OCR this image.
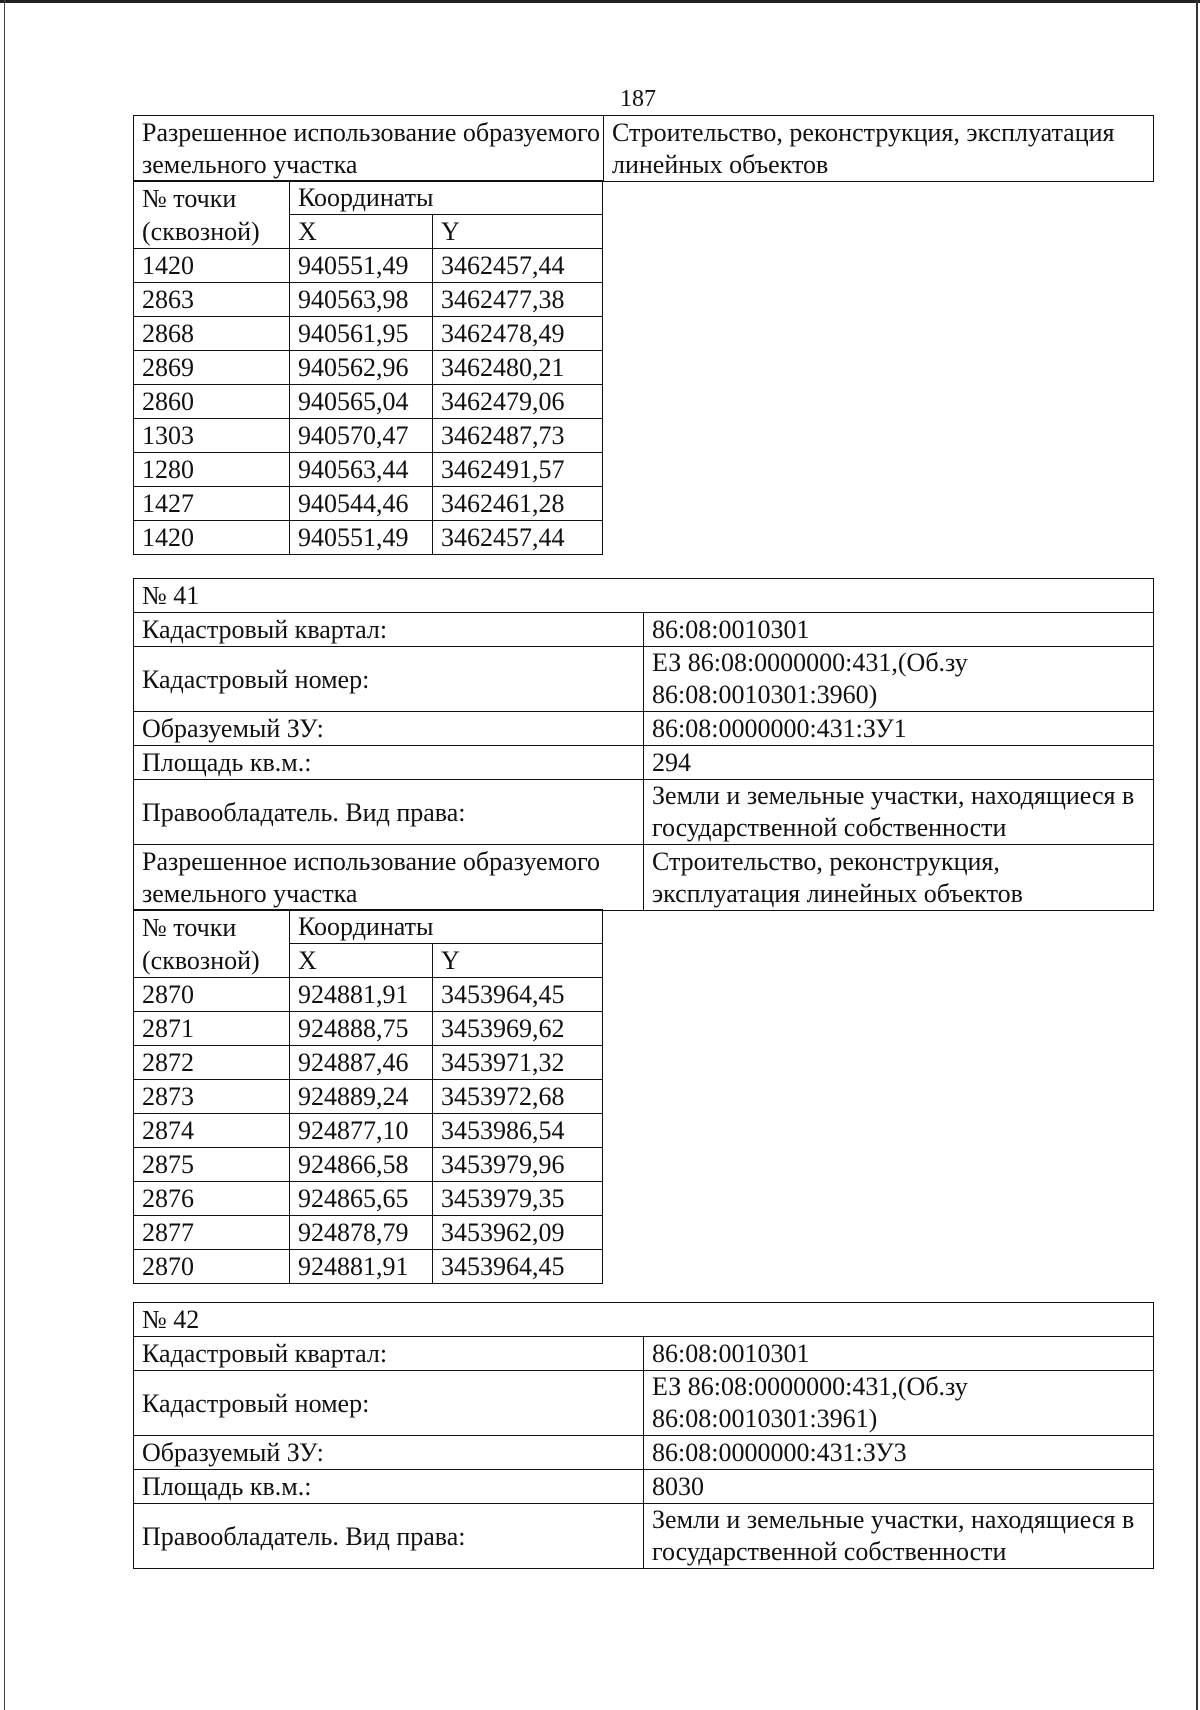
187
Разрешенное использование образуемого земельного участка	Строительство, реконструкция, эксплуатация линейных объектов
№ точки	Координаты	
(сквозной)	X	Y
1420	940551,49	3462457,44
2863	940563,98	3462477,38
2868	940561,95	3462478,49
2869	940562,96	3462480,21
2860	940565,04	3462479,06
1303	940570,47	3462487,73
1280	940563,44	3462491,57
1427	940544,46	3462461,28
1420	940551,49	3462457,44
№ 41	
Кадастровый квартал:	86:08:0010301
Кадастровый номер:	ЕЗ 86:08:0000000:431,(Об.зу 86:08:0010301:3960)
Образуемый ЗУ:	86:08:0000000:431:ЗУ1
Площадь кв.м.:	294
Правообладатель. Вид права:	Земли и земельные участки, находящиеся в государственной собственности
Разрешенное использование образуемого земельного участка	Строительство, реконструкция, эксплуатация линейных объектов
№ точки	Координаты	
(сквозной)	X	Y
2870	924881,91	3453964,45
2871	924888,75	3453969,62
2872	924887,46	3453971,32
2873	924889,24	3453972,68
2874	924877,10	3453986,54
2875	924866,58	3453979,96
2876	924865,65	3453979,35
2877	924878,79	3453962,09
2870	924881,91	3453964,45
№ 42	
Кадастровый квартал:	86:08:0010301
Кадастровый номер:	ЕЗ 86:08:0000000:431,(Об.зу 86:08:0010301:3961)
Образуемый ЗУ:	86:08:0000000:431:ЗУ3
Площадь кв.м.:	8030
Правообладатель. Вид права:	Земли и земельные участки, находящиеся в государственной собственности
